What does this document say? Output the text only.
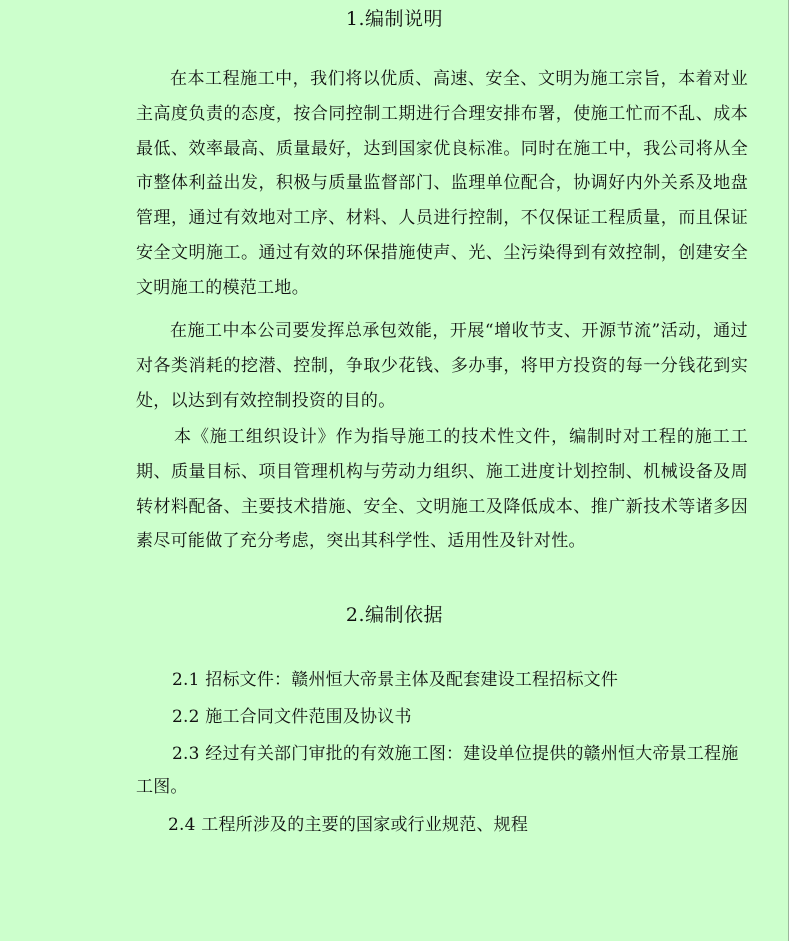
1.编制说明
在本工程施工中，我们将以优质、高速、安全、文明为施工宗旨，本着对业主高度负责的态度，按合同控制工期进行合理安排布署，使施工忙而不乱、成本最低、效率最高、质量最好，达到国家优良标准。同时在施工中，我公司将从全市整体利益出发，积极与质量监督部门、监理单位配合，协调好内外关系及地盘管理，通过有效地对工序、材料、人员进行控制，不仅保证工程质量，而且保证安全文明施工。通过有效的环保措施使声、光、尘污染得到有效控制，创建安全文明施工的模范工地。
在施工中本公司要发挥总承包效能，开展“增收节支、开源节流”活动，通过对各类消耗的挖潜、控制，争取少花钱、多办事，将甲方投资的每一分钱花到实处，以达到有效控制投资的目的。
本《施工组织设计》作为指导施工的技术性文件，编制时对工程的施工工期、质量目标、项目管理机构与劳动力组织、施工进度计划控制、机械设备及周转材料配备、主要技术措施、安全、文明施工及降低成本、推广新技术等诸多因素尽可能做了充分考虑，突出其科学性、适用性及针对性。
2.编制依据
2.1 招标文件：赣州恒大帝景主体及配套建设工程招标文件
2.2 施工合同文件范围及协议书
2.3 经过有关部门审批的有效施工图：建设单位提供的赣州恒大帝景工程施工图。
2.4 工程所涉及的主要的国家或行业规范、规程
